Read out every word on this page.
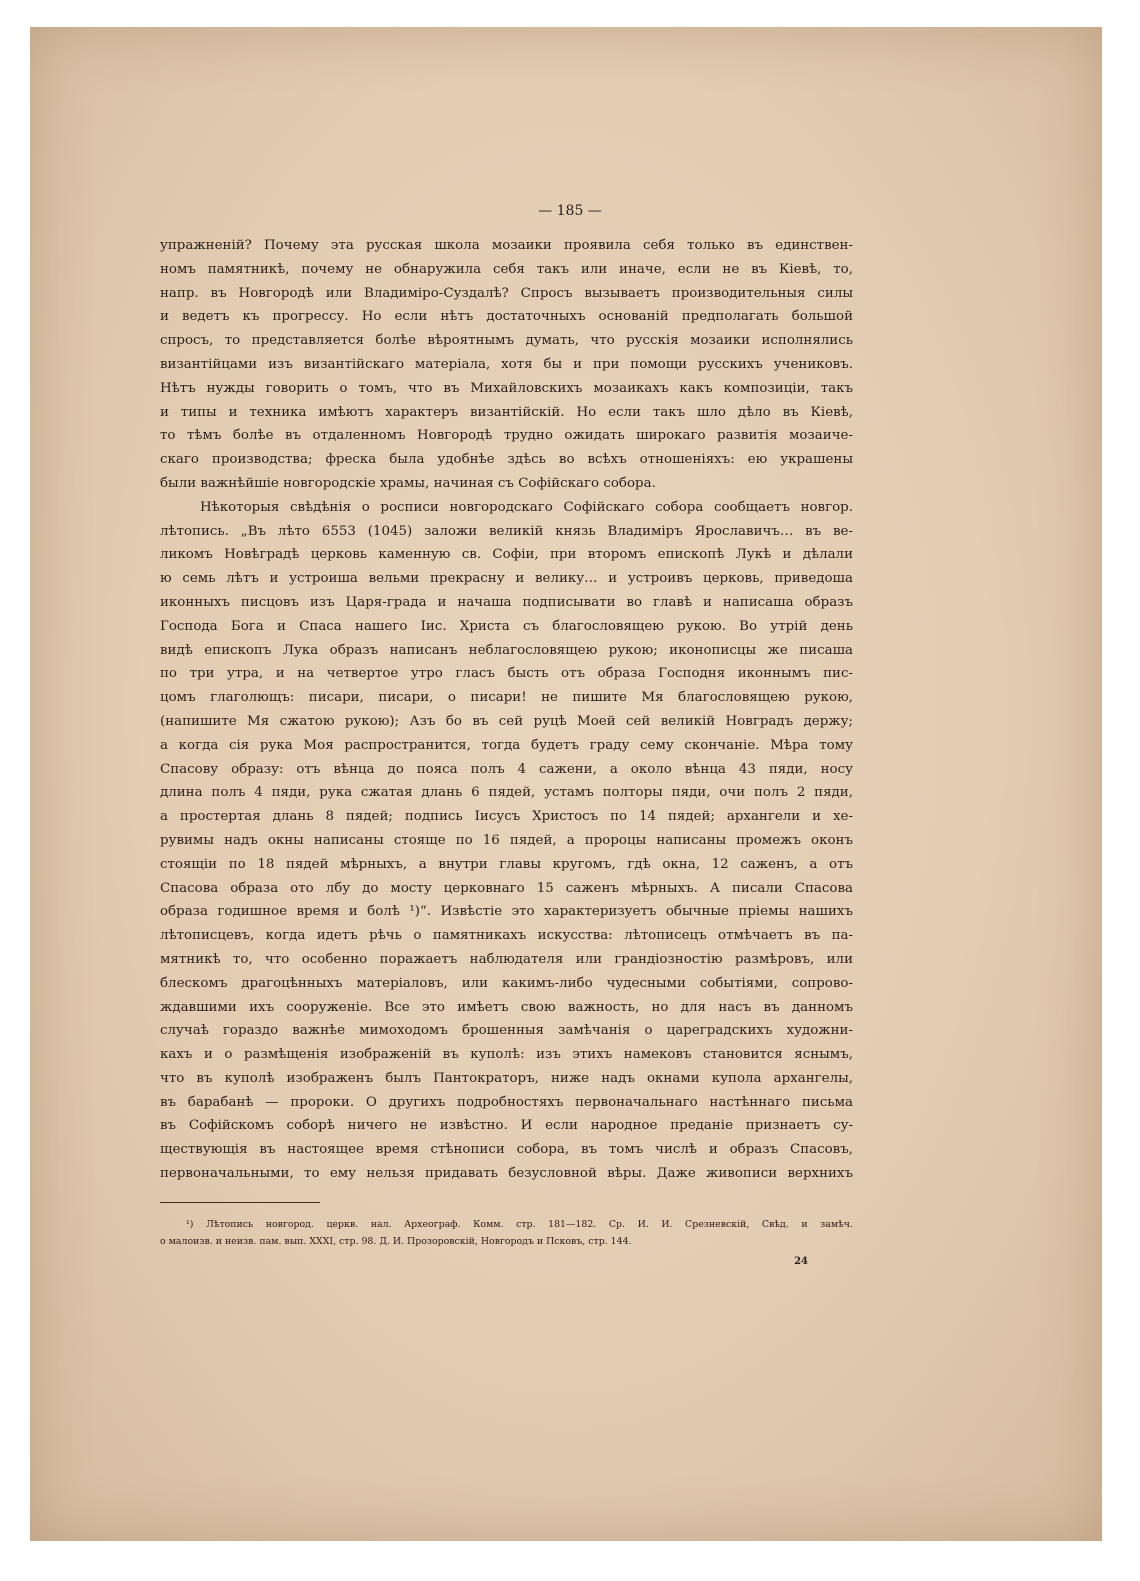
— 185 —
упражненій? Почему эта русская школа мозаики проявила себя только въ единствен-
номъ памятникѣ, почему не обнаружила себя такъ или иначе, если не въ Кіевѣ, то,
напр. въ Новгородѣ или Владиміро-Суздалѣ? Спросъ вызываетъ производительныя силы
и ведетъ къ прогрессу. Но если нѣтъ достаточныхъ основаній предполагать большой
спросъ, то представляется болѣе вѣроятнымъ думать, что русскія мозаики исполнялись
византійцами изъ византійскаго матеріала, хотя бы и при помощи русскихъ учениковъ.
Нѣтъ нужды говорить о томъ, что въ Михайловскихъ мозаикахъ какъ композиціи, такъ
и типы и техника имѣютъ характеръ византійскій. Но если такъ шло дѣло въ Кіевѣ,
то тѣмъ болѣе въ отдаленномъ Новгородѣ трудно ожидать широкаго развитія мозаиче-
скаго производства; фреска была удобнѣе здѣсь во всѣхъ отношеніяхъ: ею украшены
были важнѣйшіе новгородскіе храмы, начиная съ Софійскаго собора.
Нѣкоторыя свѣдѣнія о росписи новгородскаго Софійскаго собора сообщаетъ новгор.
лѣтопись. „Въ лѣто 6553 (1045) заложи великій князь Владиміръ Ярославичъ… въ ве-
ликомъ Новѣградѣ церковь каменную св. Софіи, при второмъ епископѣ Лукѣ и дѣлали
ю семь лѣтъ и устроиша вельми прекрасну и велику… и устроивъ церковь, приведоша
иконныхъ писцовъ изъ Царя-града и начаша подписывати во главѣ и написаша образъ
Господа Бога и Спаса нашего Іис. Христа съ благословящею рукою. Во утрій день
видѣ епископъ Лука образъ написанъ неблагословящею рукою; иконописцы же писаша
по три утра, и на четвертое утро гласъ бысть отъ образа Господня иконнымъ пис-
цомъ глаголющъ: писари, писари, о писари! не пишите Мя благословящею рукою,
(напишите Мя сжатою рукою); Азъ бо въ сей руцѣ Моей сей великій Новградъ держу;
а когда сія рука Моя распространится, тогда будетъ граду сему скончаніе. Мѣра тому
Спасову образу: отъ вѣнца до пояса полъ 4 сажени, а около вѣнца 43 пяди, носу
длина полъ 4 пяди, рука сжатая длань 6 пядей, устамъ полторы пяди, очи полъ 2 пяди,
а простертая длань 8 пядей; подпись Іисусъ Христосъ по 14 пядей; архангели и хе-
рувимы надъ окны написаны стояще по 16 пядей, а пророцы написаны промежъ оконъ
стоящіи по 18 пядей мѣрныхъ, а внутри главы кругомъ, гдѣ окна, 12 саженъ, а отъ
Спасова образа ото лбу до мосту церковнаго 15 саженъ мѣрныхъ. А писали Спасова
образа годишное время и болѣ ¹)“. Извѣстіе это характеризуетъ обычные пріемы нашихъ
лѣтописцевъ, когда идетъ рѣчь о памятникахъ искусства: лѣтописецъ отмѣчаетъ въ па-
мятникѣ то, что особенно поражаетъ наблюдателя или грандіозностію размѣровъ, или
блескомъ драгоцѣнныхъ матеріаловъ, или какимъ-либо чудесными событіями, сопрово-
ждавшими ихъ сооруженіе. Все это имѣетъ свою важность, но для насъ въ данномъ
случаѣ гораздо важнѣе мимоходомъ брошенныя замѣчанія о цареградскихъ художни-
кахъ и о размѣщенія изображеній въ куполѣ: изъ этихъ намековъ становится яснымъ,
что въ куполѣ изображенъ былъ Пантократоръ, ниже надъ окнами купола архангелы,
въ барабанѣ — пророки. О другихъ подробностяхъ первоначальнаго настѣннаго письма
въ Софійскомъ соборѣ ничего не извѣстно. И если народное преданіе признаетъ су-
ществующія въ настоящее время стѣнописи собора, въ томъ числѣ и образъ Спасовъ,
первоначальными, то ему нельзя придавать безусловной вѣры. Даже живописи верхнихъ
¹) Лѣтопись новгород. церкв. нал. Археограф. Комм. стр. 181—182. Ср. И. И. Срезневскій, Свѣд. и замѣч.
о малоизв. и неизв. пам. вып. XXXI, стр. 98. Д. И. Прозоровскій, Новгородъ и Псковъ, стр. 144.
24
